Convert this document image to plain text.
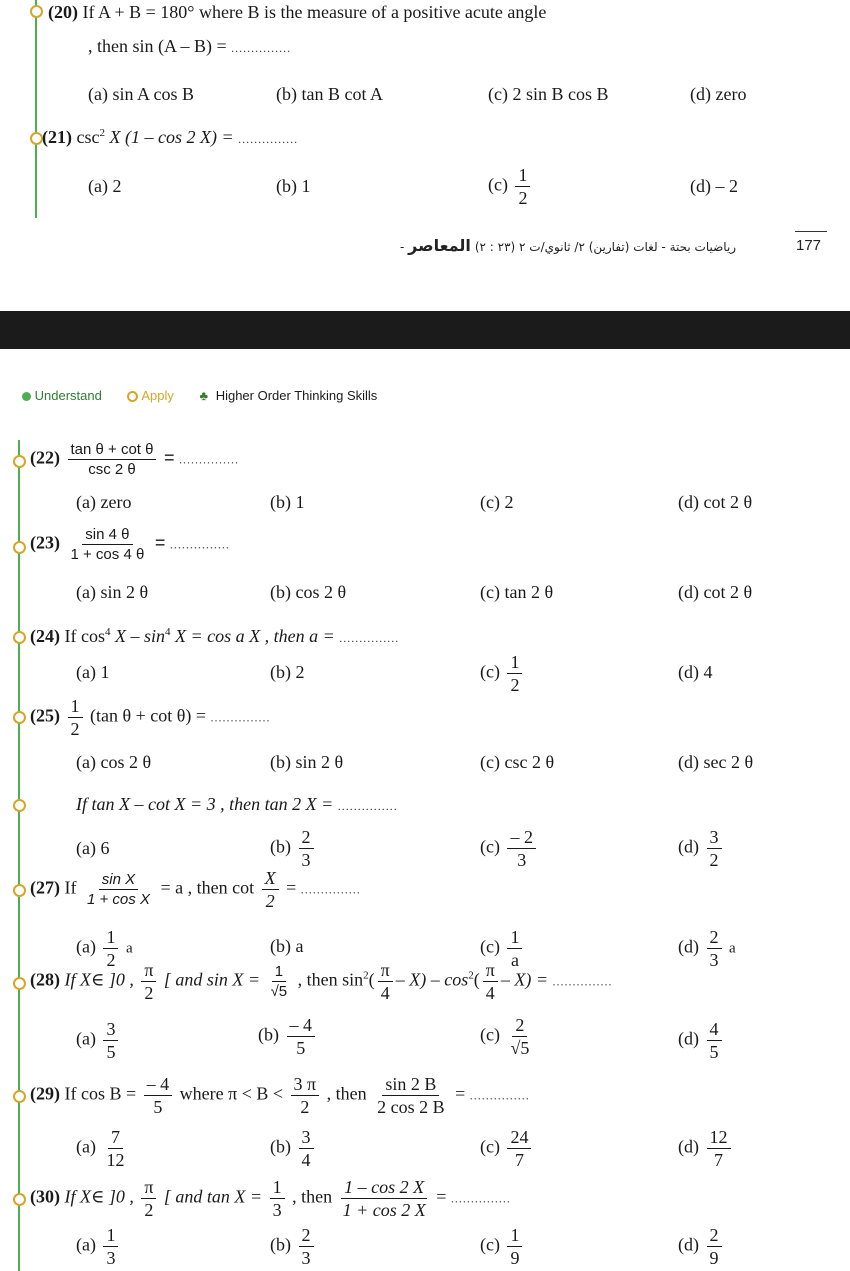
(20) If A + B = 180° where B is the measure of a positive acute angle
, then sin (A – B) = ...............
(a) sin A cos B	(b) tan B cot A	(c) 2 sin B cos B	(d) zero
(21) $\csc^2 X$ (1 – cos 2 X) = ...............
(a) 2	(b) 1	$(c) \frac{1}{2}$	(d) – 2
- رياضيات بحتة - لغات (تفارين) ٢/ ثانوي/ت ٢ (٢٣ : ٢) المعاصر	177
Understand	Apply ♣ Higher Order Thinking Skills
$(22) \frac{\text{tan θ + cot θ}}{\csc 2 \theta}$ = ...............
(a) zero	(b) 1	(c) 2	(d) cot 2 θ
$(23) \frac{\sin 4 \theta}{1 + \cos 4 \theta}$ = ...............
(a) sin 2 θ	(b) cos 2 θ	(c) tan 2 θ	(d) cot 2 θ
(24) If $\cos^4 X - \sin^4 X = \cos a$ X , then a = ...............
(a) 1	(b) 2	$(c) \frac{1}{2}$	(d) 4
$(25) \frac{1}{2} (\tan$ θ + cot θ) = ...............
(a) cos 2 θ	(b) sin 2 θ	(c) csc 2 θ	(d) sec 2 θ
If tan X – cot X = 3 , then tan 2 X = ...............
(a) 6	$(b) \frac{2}{3}$	$(c) \frac{- 2}{3}$	$(d) \frac{3}{2}$
(27) If $\frac{\text{sin X}}{\text{1 + cos X}} = a$ , then $\cot \frac{X}{2}$ = ...............
$(a) \frac{1}{2}$ a	(b) a	$(c) \frac{1}{a}$	$(d) \frac{2}{3}$ a
(28) If X∈ ]0 , $\frac{\pi}{2}$ [ and $\sin X = \frac{1}{√5}$ , then $\sin^2( \frac{\pi}{4} - X) - \cos^2( \frac{\pi}{4} - X)$ = ...............
$(a) \frac{3}{5}$	$(b) \frac{- 4}{5}$	$(c) \frac{2}{√5}$	$(d) \frac{4}{5}$
(29) If $\cos B = \frac{- 4}{5}$ where $\pi < B < \frac{3 \pi}{2}$ , then $\frac{\sin 2 B}{2 \cos 2 B}$ = ...............
$(a) \frac{7}{12}$	$(b) \frac{3}{4}$	$(c) \frac{24}{7}$	$(d) \frac{12}{7}$
(30) If X∈ ]0 , $\frac{\pi}{2}$ [ and $\tan X = \frac{1}{3}$ , then $\frac{1 - \cos 2 X}{1 + \cos 2 X}$ = ...............
$(a) \frac{1}{3}$	$(b) \frac{2}{3}$	$(c) \frac{1}{9}$	$(d) \frac{2}{9}$
